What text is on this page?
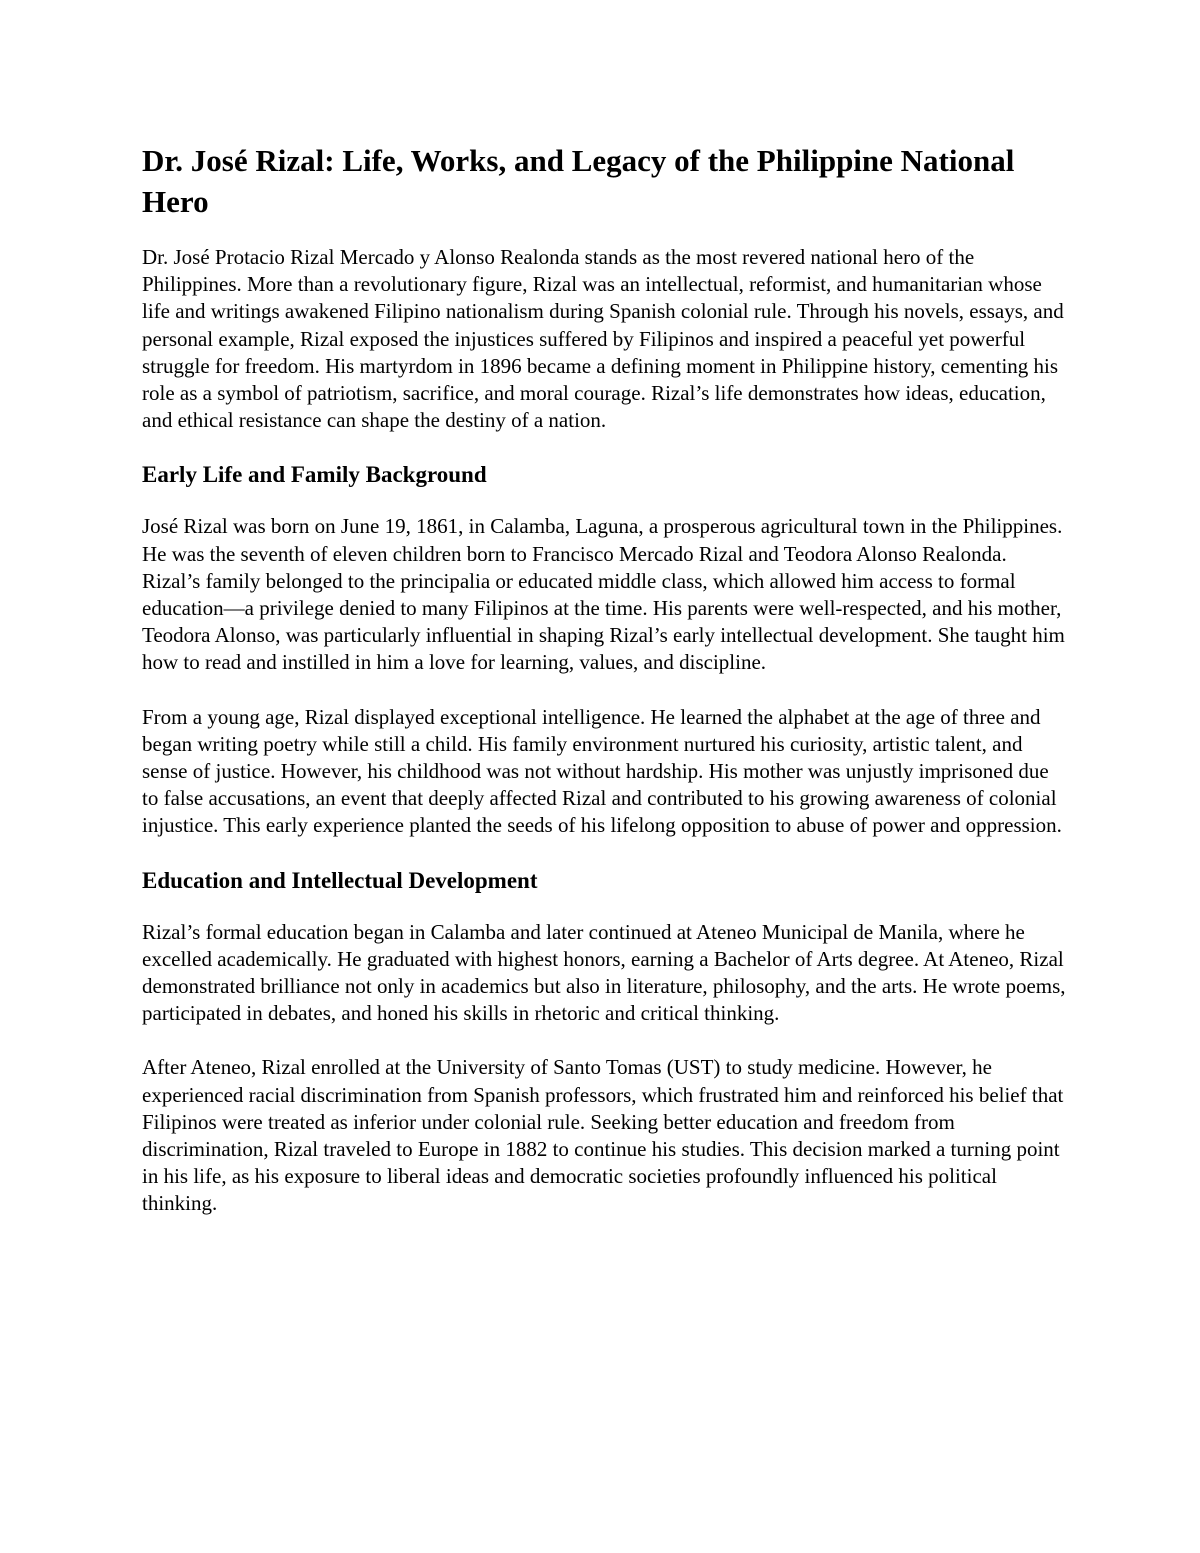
Dr. José Rizal: Life, Works, and Legacy of the Philippine National Hero

Dr. José Protacio Rizal Mercado y Alonso Realonda stands as the most revered national hero of the Philippines. More than a revolutionary figure, Rizal was an intellectual, reformist, and humanitarian whose life and writings awakened Filipino nationalism during Spanish colonial rule. Through his novels, essays, and personal example, Rizal exposed the injustices suffered by Filipinos and inspired a peaceful yet powerful struggle for freedom. His martyrdom in 1896 became a defining moment in Philippine history, cementing his role as a symbol of patriotism, sacrifice, and moral courage. Rizal’s life demonstrates how ideas, education, and ethical resistance can shape the destiny of a nation.

Early Life and Family Background

José Rizal was born on June 19, 1861, in Calamba, Laguna, a prosperous agricultural town in the Philippines. He was the seventh of eleven children born to Francisco Mercado Rizal and Teodora Alonso Realonda. Rizal’s family belonged to the principalia or educated middle class, which allowed him access to formal education—a privilege denied to many Filipinos at the time. His parents were well-respected, and his mother, Teodora Alonso, was particularly influential in shaping Rizal’s early intellectual development. She taught him how to read and instilled in him a love for learning, values, and discipline.

From a young age, Rizal displayed exceptional intelligence. He learned the alphabet at the age of three and began writing poetry while still a child. His family environment nurtured his curiosity, artistic talent, and sense of justice. However, his childhood was not without hardship. His mother was unjustly imprisoned due to false accusations, an event that deeply affected Rizal and contributed to his growing awareness of colonial injustice. This early experience planted the seeds of his lifelong opposition to abuse of power and oppression.

Education and Intellectual Development

Rizal’s formal education began in Calamba and later continued at Ateneo Municipal de Manila, where he excelled academically. He graduated with highest honors, earning a Bachelor of Arts degree. At Ateneo, Rizal demonstrated brilliance not only in academics but also in literature, philosophy, and the arts. He wrote poems, participated in debates, and honed his skills in rhetoric and critical thinking.

After Ateneo, Rizal enrolled at the University of Santo Tomas (UST) to study medicine. However, he experienced racial discrimination from Spanish professors, which frustrated him and reinforced his belief that Filipinos were treated as inferior under colonial rule. Seeking better education and freedom from discrimination, Rizal traveled to Europe in 1882 to continue his studies. This decision marked a turning point in his life, as his exposure to liberal ideas and democratic societies profoundly influenced his political thinking.
